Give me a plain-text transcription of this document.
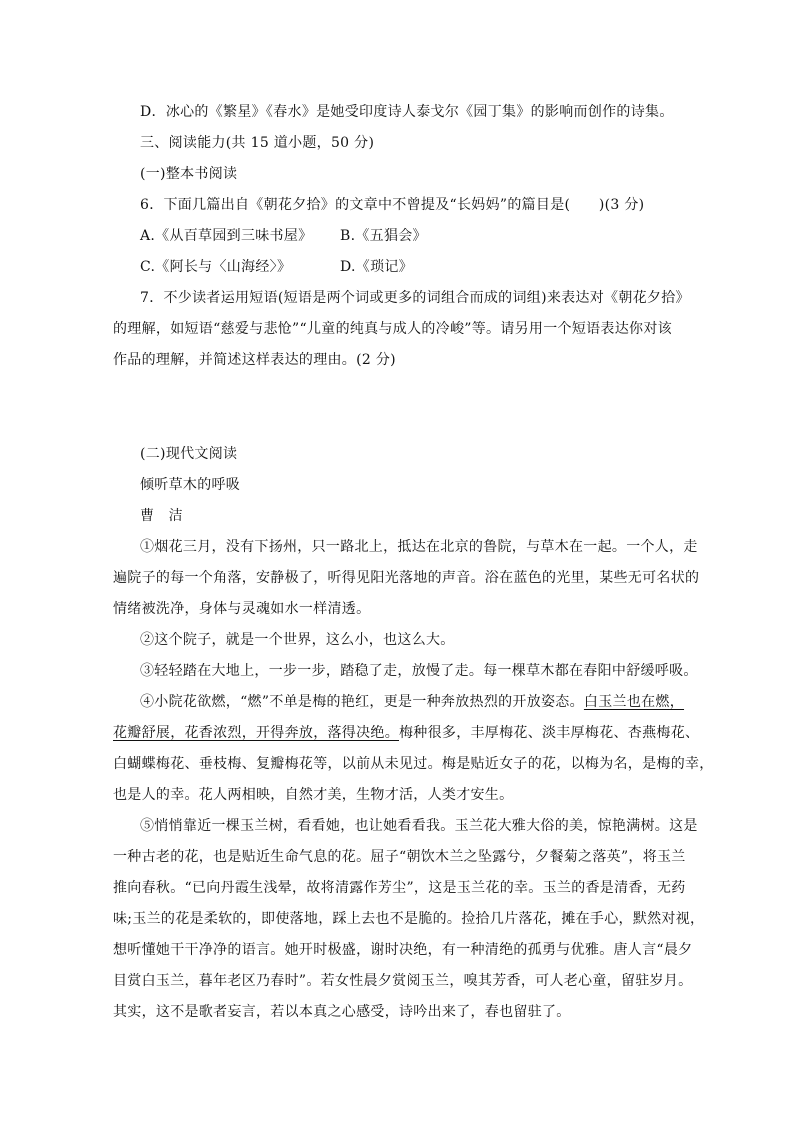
D．冰心的《繁星》《春水》是她受印度诗人泰戈尔《园丁集》的影响而创作的诗集。
三、阅读能力(共 15 道小题，50 分)
(一)整本书阅读
6．下面几篇出自《朝花夕拾》的文章中不曾提及“长妈妈”的篇目是(　　)(3 分)
A.《从百草园到三味书屋》 B.《五猖会》
C.《阿长与〈山海经〉》	D.《琐记》
7．不少读者运用短语(短语是两个词或更多的词组合而成的词组)来表达对《朝花夕拾》
的理解，如短语“慈爱与悲怆”“儿童的纯真与成人的冷峻”等。请另用一个短语表达你对该
作品的理解，并简述这样表达的理由。(2 分)
(二)现代文阅读
倾听草木的呼吸
曹　洁
①烟花三月，没有下扬州，只一路北上，抵达在北京的鲁院，与草木在一起。一个人，走
遍院子的每一个角落，安静极了，听得见阳光落地的声音。浴在蓝色的光里，某些无可名状的
情绪被洗净，身体与灵魂如水一样清透。
②这个院子，就是一个世界，这么小，也这么大。
③轻轻踏在大地上，一步一步，踏稳了走，放慢了走。每一棵草木都在春阳中舒缓呼吸。
④小院花欲燃，“燃”不单是梅的艳红，更是一种奔放热烈的开放姿态。白玉兰也在燃，
花瓣舒展，花香浓烈，开得奔放，落得决绝。梅种很多，丰厚梅花、淡丰厚梅花、杏燕梅花、
白蝴蝶梅花、垂枝梅、复瓣梅花等，以前从未见过。梅是贴近女子的花，以梅为名，是梅的幸，
也是人的幸。花人两相映，自然才美，生物才活，人类才安生。
⑤悄悄靠近一棵玉兰树，看看她，也让她看看我。玉兰花大雅大俗的美，惊艳满树。这是
一种古老的花，也是贴近生命气息的花。屈子“朝饮木兰之坠露兮，夕餐菊之落英”，将玉兰
推向春秋。“已向丹霞生浅晕，故将清露作芳尘”，这是玉兰花的幸。玉兰的香是清香，无药
味;玉兰的花是柔软的，即使落地，踩上去也不是脆的。捡拾几片落花，摊在手心，默然对视，
想听懂她干干净净的语言。她开时极盛，谢时决绝，有一种清绝的孤勇与优雅。唐人言“晨夕
目赏白玉兰，暮年老区乃春时”。若女性晨夕赏阅玉兰，嗅其芳香，可人老心童，留驻岁月。
其实，这不是歌者妄言，若以本真之心感受，诗吟出来了，春也留驻了。
